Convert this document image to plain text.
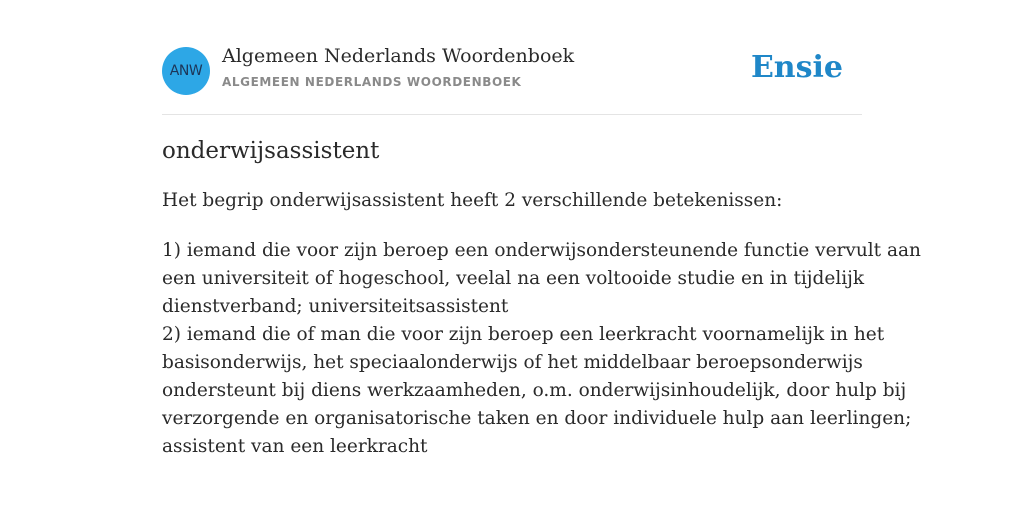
ANW
Algemeen Nederlands Woordenboek
ALGEMEEN NEDERLANDS WOORDENBOEK	Ensie
onderwijsassistent
Het begrip onderwijsassistent heeft 2 verschillende betekenissen:
1) iemand die voor zijn beroep een onderwijsondersteunende functie vervult aan
een universiteit of hogeschool, veelal na een voltooide studie en in tijdelijk
dienstverband; universiteitsassistent
2) iemand die of man die voor zijn beroep een leerkracht voornamelijk in het
basisonderwijs, het speciaalonderwijs of het middelbaar beroepsonderwijs
ondersteunt bij diens werkzaamheden, o.m. onderwijsinhoudelijk, door hulp bij
verzorgende en organisatorische taken en door individuele hulp aan leerlingen;
assistent van een leerkracht
